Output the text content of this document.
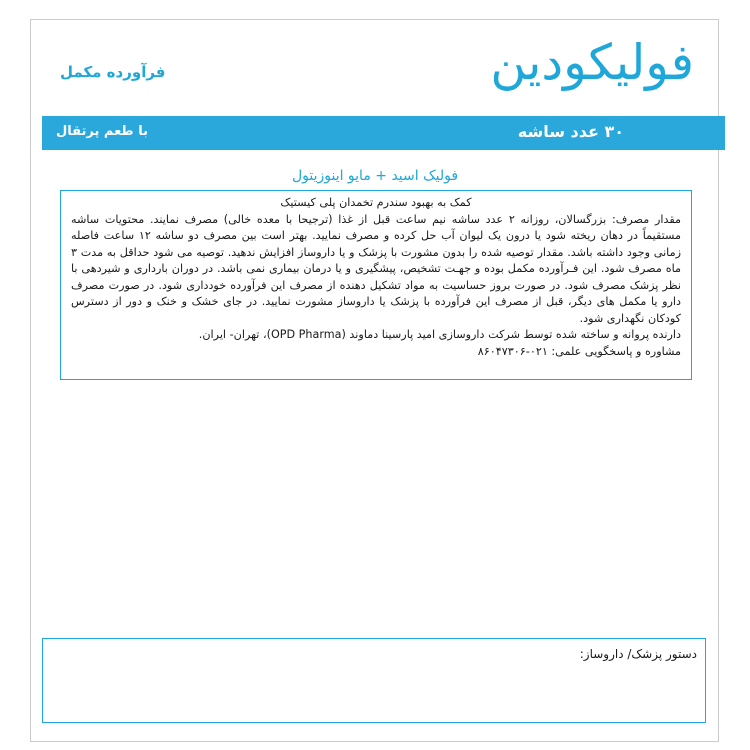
فولیکودین
فرآورده مکمل
۳۰ عدد ساشه
با طعم پرتقال
فولیک اسید + مایو اینوزیتول

کمک به بهبود سندرم تخمدان پلی کیستیک

مقدار مصرف: بزرگسالان، روزانه ۲ عدد ساشه نیم ساعت قبل از غذا (ترجیحا با معده خالی) مصرف نمایند. محتویات ساشه مستقیماً در دهان ریخته شود یا درون یک لیوان آب حل کرده و مصرف نمایید. بهتر است بین مصرف دو ساشه ۱۲ ساعت فاصله زمانی وجود داشته باشد. مقدار توصیه شده را بدون مشورت با پزشک و یا داروساز افزایش ندهید. توصیه می شود حداقل به مدت ۳ ماه مصرف شود. این فـرآورده مکمل بوده و جهـت تشخیص، پیشگیری و یا درمان بیماری نمی باشد. در دوران بارداری و شیردهی با نظر پزشک مصرف شود. در صورت بروز حساسیت به مواد تشکیل دهنده از مصرف این فرآورده خودداری شود. در صورت مصرف دارو یا مکمل های دیگر، قبل از مصرف این فرآورده با پزشک یا داروساز مشورت نمایید. در جای خشک و خنک و دور از دسترس کودکان نگهداری شود.

دارنده پروانه و ساخته شده توسط شرکت داروسازی امید پارسینا دماوند (OPD Pharma)، تهران- ایران.

مشاوره و پاسخگویی علمی: ۰۲۱-۸۶۰۴۷۳۰۶

دستور پزشک/ داروساز:
